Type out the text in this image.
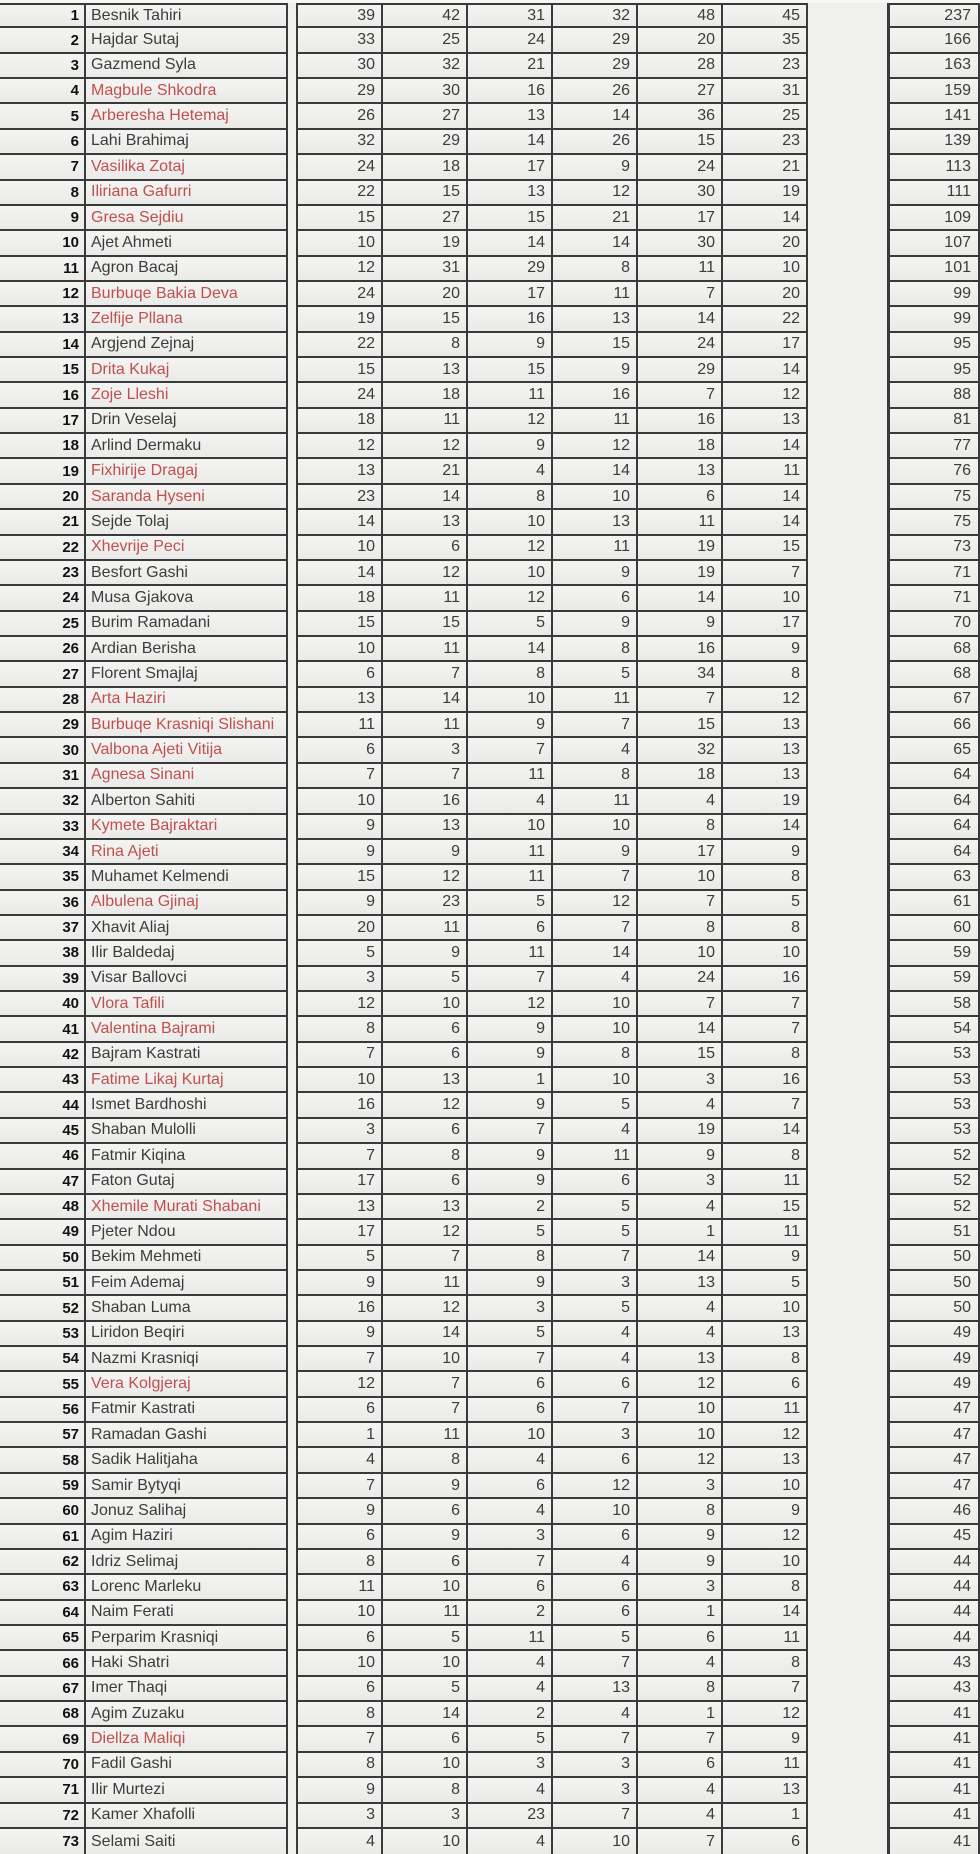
1 Besnik Tahiri	39	42	31	32	48	45	237
2 Hajdar Sutaj	33	25	24	29	20	35	166
3 Gazmend Syla	30	32	21	29	28	23	163
4 Magbule Shkodra	29	30	16	26	27	31	159
5 Arberesha Hetemaj	26	27	13	14	36	25	141
6 Lahi Brahimaj	32	29	14	26	15	23	139
7 Vasilika Zotaj	24	18	17	9	24	21	113
8 Iliriana Gafurri	22	15	13	12	30	19	111
9 Gresa Sejdiu	15	27	15	21	17	14	109
10 Ajet Ahmeti	10	19	14	14	30	20	107
11 Agron Bacaj	12	31	29	8	11	10	101
12 Burbuqe Bakia Deva	24	20	17	11	7	20	99
13 Zelfije Pllana	19	15	16	13	14	22	99
14 Argjend Zejnaj	22	8	9	15	24	17	95
15 Drita Kukaj	15	13	15	9	29	14	95
16 Zoje Lleshi	24	18	11	16	7	12	88
17 Drin Veselaj	18	11	12	11	16	13	81
18 Arlind Dermaku	12	12	9	12	18	14	77
19 Fixhirije Dragaj	13	21	4	14	13	11	76
20 Saranda Hyseni	23	14	8	10	6	14	75
21 Sejde Tolaj	14	13	10	13	11	14	75
22 Xhevrije Peci	10	6	12	11	19	15	73
23 Besfort Gashi	14	12	10	9	19	7	71
24 Musa Gjakova	18	11	12	6	14	10	71
25 Burim Ramadani	15	15	5	9	9	17	70
26 Ardian Berisha	10	11	14	8	16	9	68
27 Florent Smajlaj	6	7	8	5	34	8	68
28 Arta Haziri	13	14	10	11	7	12	67
29 Burbuqe Krasniqi Slishani	11	11	9	7	15	13	66
30 Valbona Ajeti Vitija	6	3	7	4	32	13	65
31 Agnesa Sinani	7	7	11	8	18	13	64
32 Alberton Sahiti	10	16	4	11	4	19	64
33 Kymete Bajraktari	9	13	10	10	8	14	64
34 Rina Ajeti	9	9	11	9	17	9	64
35 Muhamet Kelmendi	15	12	11	7	10	8	63
36 Albulena Gjinaj	9	23	5	12	7	5	61
37 Xhavit Aliaj	20	11	6	7	8	8	60
38 Ilir Baldedaj	5	9	11	14	10	10	59
39 Visar Ballovci	3	5	7	4	24	16	59
40 Vlora Tafili	12	10	12	10	7	7	58
41 Valentina Bajrami	8	6	9	10	14	7	54
42 Bajram Kastrati	7	6	9	8	15	8	53
43 Fatime Likaj Kurtaj	10	13	1	10	3	16	53
44 Ismet Bardhoshi	16	12	9	5	4	7	53
45 Shaban Mulolli	3	6	7	4	19	14	53
46 Fatmir Kiqina	7	8	9	11	9	8	52
47 Faton Gutaj	17	6	9	6	3	11	52
48 Xhemile Murati Shabani	13	13	2	5	4	15	52
49 Pjeter Ndou	17	12	5	5	1	11	51
50 Bekim Mehmeti	5	7	8	7	14	9	50
51 Feim Ademaj	9	11	9	3	13	5	50
52 Shaban Luma	16	12	3	5	4	10	50
53 Liridon Beqiri	9	14	5	4	4	13	49
54 Nazmi Krasniqi	7	10	7	4	13	8	49
55 Vera Kolgjeraj	12	7	6	6	12	6	49
56 Fatmir Kastrati	6	7	6	7	10	11	47
57 Ramadan Gashi	1	11	10	3	10	12	47
58 Sadik Halitjaha	4	8	4	6	12	13	47
59 Samir Bytyqi	7	9	6	12	3	10	47
60 Jonuz Salihaj	9	6	4	10	8	9	46
61 Agim Haziri	6	9	3	6	9	12	45
62 Idriz Selimaj	8	6	7	4	9	10	44
63 Lorenc Marleku	11	10	6	6	3	8	44
64 Naim Ferati	10	11	2	6	1	14	44
65 Perparim Krasniqi	6	5	11	5	6	11	44
66 Haki Shatri	10	10	4	7	4	8	43
67 Imer Thaqi	6	5	4	13	8	7	43
68 Agim Zuzaku	8	14	2	4	1	12	41
69 Diellza Maliqi	7	6	5	7	7	9	41
70 Fadil Gashi	8	10	3	3	6	11	41
71 Ilir Murtezi	9	8	4	3	4	13	41
72 Kamer Xhafolli	3	3	23	7	4	1	41
73 Selami Saiti	4	10	4	10	7	6	41
